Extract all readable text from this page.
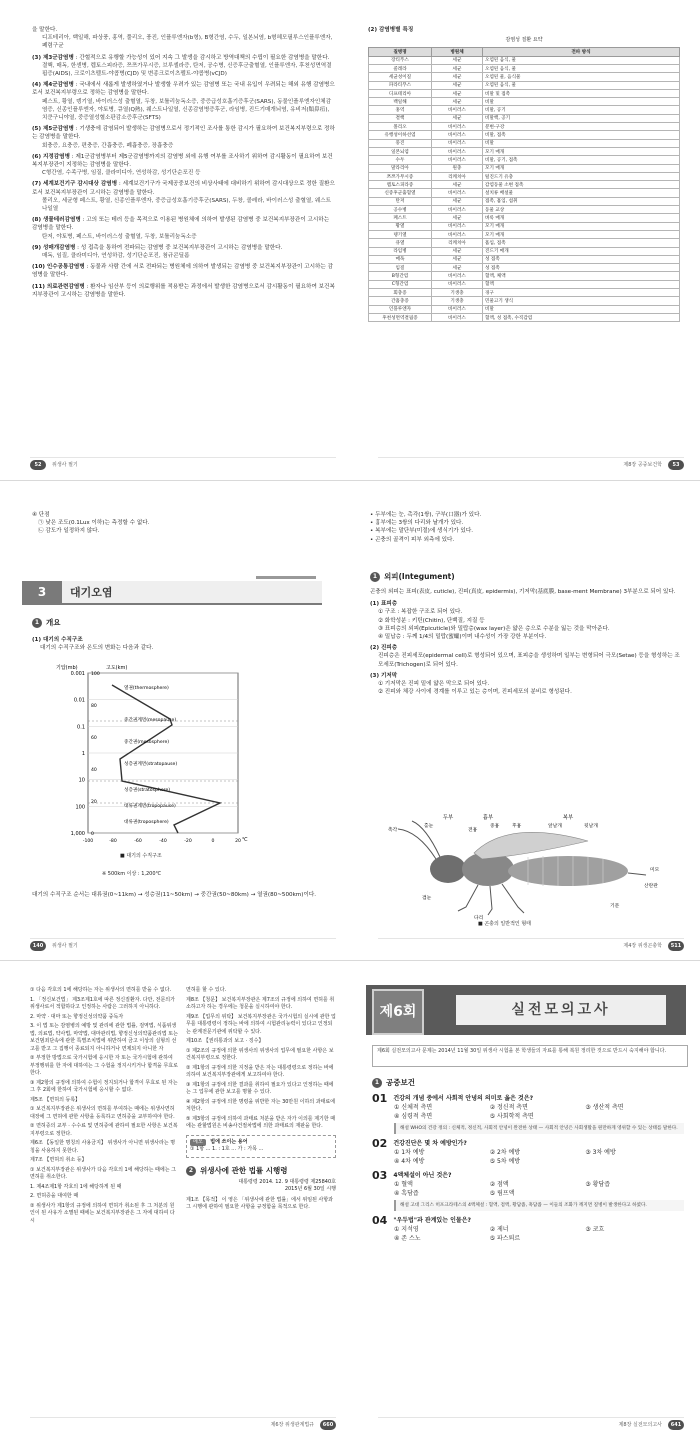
을 말한다.
디프테리아, 백일해, 파상풍, 홍역, 풀리오, 풍진, 인플루엔자(b형), B형간염, 수두, 일본뇌염, b형헤모필루스인플루엔자, 폐렴구균
(3) 제3군감염병 : 간헐적으로 유행할 가능성이 있어 지속 그 발생을 감시하고 방역대책의 수립이 필요한 감염병을 말한다.
결핵, 매독, 한센병, 렙토스피라증, 쯔쯔가무시증, 브루셀라증, 탄저, 공수병, 신증후군출혈열, 인플루엔자, 후천성면역결핍증(AIDS), 크로이츠펠트-야콥병(CJD) 및 변종크로이츠펠트-야콥병(vCJD)
(4) 제4군감염병 : 국내에서 새롭게 발생하였거나 발생할 우려가 있는 감염병 또는 국내 유입이 우려되는 해외 유행 감염병으로서 보건복지부령으로 정하는 감염병을 말한다.
페스트, 황열, 뎅기열, 바이러스성 출혈열, 두창, 보툴리눔독소증, 중증급성호흡기증후군(SARS), 동물인플루엔자인체감염증, 신종인플루엔자, 야토병, 큐열(Q熱), 웨스트나일열, 신종감염병증후군, 라임병, 진드기매개뇌염, 유비저(類鼻疽), 치쿤구니야열, 중증열성혈소판감소증후군(SFTS)
(5) 제5군감염병 : 기생충에 감염되어 발생하는 감염병으로서 정기적인 조사를 통한 감시가 필요하여 보건복지부령으로 정하는 감염병을 말한다.
회충증, 요충증, 편충증, 간흡충증, 폐흡충증, 장흡충증
(6) 지정감염병 : 제1군감염병부터 제5군감염병까지의 감염병 외에 유행 여부를 조사하기 위하여 감시활동이 필요하여 보건복지부장관이 지정하는 감염병을 말한다.
C형간염, 수족구병, 임질, 클라미디아, 연성하감, 성기단순포진 등
(7) 세계보건기구 감시대상 감염병 : 세계보건기구가 국제공중보건의 비상사태에 대비하기 위하여 감시대상으로 정한 질환으로서 보건복지부장관이 고시하는 감염병을 말한다.
폴리오, 세균형 페스트, 황열, 신종인플루엔자, 중증급성호흡기증후군(SARS), 두창, 콜레라, 바이러스성 출혈열, 웨스트나일열
(8) 생물테러감염병 : 고의 또는 테러 등을 목적으로 이용된 병원체에 의하여 발생된 감염병 중 보건복지부장관이 고시하는 감염병을 말한다.
탄저, 야토병, 페스트, 바이러스성 출혈열, 두창, 보툴리눔독소증
(9) 성매개감염병 : 성 접촉을 통하여 전파되는 감염병 중 보건복지부장관이 고시하는 감염병을 말한다.
매독, 임질, 클라미디아, 연성하감, 성기단순포진, 첨규콘딜롬
(10) 인수공통감염병 : 동물과 사람 간에 서로 전파되는 병원체에 의하여 발생되는 감염병 중 보건복지부장관이 고시하는 감염병을 말한다.
(11) 의료관련감염병 : 환자나 임산부 등이 의료행위를 적용받는 과정에서 발생한 감염병으로서 감시활동이 필요하여 보건복지부장관이 고시하는 감염병을 말한다.
52	위생사 필기
(2) 감염병별 특징
감염성 질환 요약
질병명	병원체	전파 방식
장티푸스	세균	오염된 음식, 물
콜레라	세균	오염된 음식, 물
세균성이질	세균	오염된 물, 음식물
파라티푸스	세균	오염된 음식, 물
디프테리아	세균	비말 및 접촉
백일해	세균	비말
홍역	바이러스	비말, 공기
결핵	세균	비말핵, 공기
폴리오	바이러스	분변-구강
유행성이하선염	바이러스	비말, 접촉
풍진	바이러스	비말
일본뇌염	바이러스	모기 매개
수두	바이러스	비말, 공기, 접촉
말라리아	원충	모기 매개
쯔쯔가무시증	리케치아	털진드기 유충
렙토스피라증	세균	감염동물 소변 접촉
신증후군출혈열	바이러스	설치류 배설물
탄저	세균	접촉, 흡입, 섭취
공수병	바이러스	동물 교상
페스트	세균	벼룩 매개
황열	바이러스	모기 매개
뎅기열	바이러스	모기 매개
큐열	리케치아	흡입, 접촉
라임병	세균	진드기 매개
매독	세균	성 접촉
임질	세균	성 접촉
B형간염	바이러스	혈액, 체액
C형간염	바이러스	혈액
회충증	기생충	경구
간흡충증	기생충	민물고기 생식
인플루엔자	바이러스	비말
후천성면역결핍증	바이러스	혈액, 성 접촉, 수직감염
제8장 공중보건학	53
④ 단점
㉠ 낮은 조도(0.1Lux 이하)는 측정할 수 없다.
㉡ 감도가 일정하지 않다.
3	대기오염
1 개요
(1) 대기의 수직구조
대기의 수직구조와 온도의 변화는 다음과 같다.
0.001
0.01
0.1
1
10
100
1,000
100
80
60
40
20
0
-100	-80	-60	-40	-20	0	20
열권(thermosphere)
중간권계면(mesopause)
중간권(mesosphere)
성층권계면(stratopause)
성층권(stratosphere)
대류권계면(tropopause)
대류권(troposphere)
기압(mb)	고도(km)
℃
■ 대기의 수직구조
※ 500km 이상 : 1,200℃
대기의 수직구조 순서는 대류권(0~11km) → 성층권(11~50km) → 중간권(50~80km) → 열권(80~500km)이다.
140	위생사 필기
• 두부에는 눈, 촉각(1쌍), 구부(口器)가 있다.
• 흉부에는 3쌍의 다리와 날개가 있다.
• 복부에는 말단부(미절)에 생식기가 있다.
• 곤충의 골격이 피부 외측에 있다.
1 외피(Integument)
곤충의 외피는 표피(表皮, cuticle), 진피(真皮, epidermis), 기저막(基底膜, base-ment Membrane) 3부분으로 되어 있다.
(1) 표피층
① 구조 : 복잡한 구조로 되어 있다.
② 화학성분 : 키틴(Chitin), 단백질, 지질 등
③ 표피층의 외피(Epicuticle)와 밀랍층(wax layer)은 얇은 층으로 수분을 잃는 것을 막아준다.
④ 밀납층 : 두께 1/4의 밀랍(蜜蠟)이며 내수성이 가장 강한 부분이다.
(2) 진피층
진피층은 진피세포(epidermal cell)로 형성되어 있으며, 표피층을 생성하며 일부는 변형되어 극모(Setae) 등을 형성하는 조모세포(Trichogen)로 되어 있다.
(3) 기저막
① 기저막은 진피 밑에 얇은 막으로 되어 있다.
② 진피와 체강 사이에 경계를 이루고 있는 층이며, 진피세포의 분비로 형성된다.
두부	흉부	복부
촉각
홑눈
겹눈
전흉
중흉	후흉	앞날개	뒷날개
기문
미모
산란관
다리
■ 곤충의 일반적인 형태
제4장 위생곤충학	511
① 다음 각호의 1에 해당하는 자는 위생사의 면허를 받을 수 없다.
1. 「정신보건법」 제3조제1호에 따른 정신질환자. 다만, 전문의가 위생사로서 적합하다고 인정하는 사람은 그러하지 아니하다.
2. 마약 · 대마 또는 향정신성의약품 중독자
3. 이 법 또는 감염병의 예방 및 관리에 관한 법률, 검역법, 식품위생법, 의료법, 약사법, 마약법, 대마관리법, 향정신성의약품관리법 또는 보건범죄단속에 관한 특별조치법에 위반하여 금고 이상의 실형의 선고를 받고 그 집행이 종료되지 아니하거나 면제되지 아니한 자
② 부정한 방법으로 국가시험에 응시한 자 또는 국가시험에 관하여 부정행위를 한 자에 대하여는 그 수험을 정지시키거나 합격을 무효로 한다.
③ 제2항의 규정에 의하여 수험이 정지되거나 합격이 무효로 된 자는 그 후 2회에 한하여 국가시험에 응시할 수 없다.
제5조 【면허의 등록】
① 보건복지부장관은 위생사의 면허를 부여하는 때에는 위생사면허대장에 그 면허에 관한 사항을 등록하고 면허증을 교부하여야 한다.
② 면허증의 교부 · 수수료 및 면허증에 관하여 필요한 사항은 보건복지부령으로 정한다.
제6조 【동일한 명칭의 사용금지】 위생사가 아니면 위생사라는 명칭을 사용하지 못한다.
제7조 【면허의 취소 등】
① 보건복지부장관은 위생사가 다음 각호의 1에 해당하는 때에는 그 면허를 취소한다.
1. 제4조제1항 각호의 1에 해당하게 된 때
2. 면허증을 대여한 때
② 위생사가 제1항의 규정에 의하여 면허가 취소된 후 그 처분의 원인이 된 사유가 소멸된 때에는 보건복지부장관은 그 자에 대하여 다시
면허를 할 수 있다.
제8조 【청문】 보건복지부장관은 제7조의 규정에 의하여 면허를 취소하고자 하는 경우에는 청문을 실시하여야 한다.
제9조 【업무의 위탁】 보건복지부장관은 국가시험의 실시에 관한 업무를 대통령령이 정하는 바에 의하여 시험관리능력이 있다고 인정되는 관계전문기관에 위탁할 수 있다.
제10조 【권리통과의 보고 · 징수】
① 제2조의 규정에 의한 위생사의 위생사의 업무에 필요한 사항은 보건복지부령으로 정한다.
② 제1항의 규정에 의한 지정을 받은 자는 대통령령으로 정하는 바에 의하여 보건복지부장관에게 보고하여야 한다.
③ 제1항의 규정에 의한 결과를 취하여 필요가 있다고 인정하는 때에는 그 업무에 관한 보고를 명할 수 있다.
④ 제2항의 규정에 의한 명령을 위반한 자는 30만원 이하의 과태료에 처한다.
⑤ 제3항의 규정에 의하여 과태료 처분을 받은 자가 이의를 제기한 때에는 관할법원은 비송사건절차법에 의한 과태료의 재판을 한다.
메모 법에 쓰이는 용어
① 1항 ... 1. : 1호 ... 가 : 가목 ...
2 위생사에 관한 법률 시행령
대통령령 2014. 12. 9 대통령령 제25840호
2015년 6월 30일 시행
제1조 【목적】 이 영은 「위생사에 관한 법률」에서 위임된 사항과 그 시행에 관하여 필요한 사항을 규정함을 목적으로 한다.
제6장 위생관계법규	660
제6회	실전모의고사
제6회 실전모의고사 문제는 2014년 11월 30일 위생사 시험을 본 학생들의 자료를 통해 복원 정리한 것으로 반드시 숙지해야 합니다.
1 공중보건
01 건강의 개념 중에서 사회적 안녕의 의미로 옳은 것은?
① 신체적 측면	② 정신적 측면	③ 생산적 측면
④ 심령적 측면	⑤ 사회학적 측면
해설 WHO의 건강 정의 : 신체적, 정신적, 사회적 안녕이 완전한 상태 — 사회적 안녕은 사회생활을 원만하게 영위할 수 있는 상태를 말한다.
02 건강진단은 몇 차 예방인가?
① 1차 예방	② 2차 예방	③ 3차 예방
④ 4차 예방	⑤ 5차 예방
03 4액체설이 아닌 것은?
① 혈액	② 점액	③ 황담즙
④ 흑담즙	⑤ 림프액
해설 고대 그리스 히포크라테스의 4액체설 : 혈액, 점액, 황담즙, 흑담즙 — 이들의 조화가 깨지면 질병이 발생한다고 하였다.
04 "우두법"과 관계있는 인물은?
① 지석영	② 제너	③ 코흐
④ 존 스노	⑤ 파스퇴르
제8장 실전모의고사	641
